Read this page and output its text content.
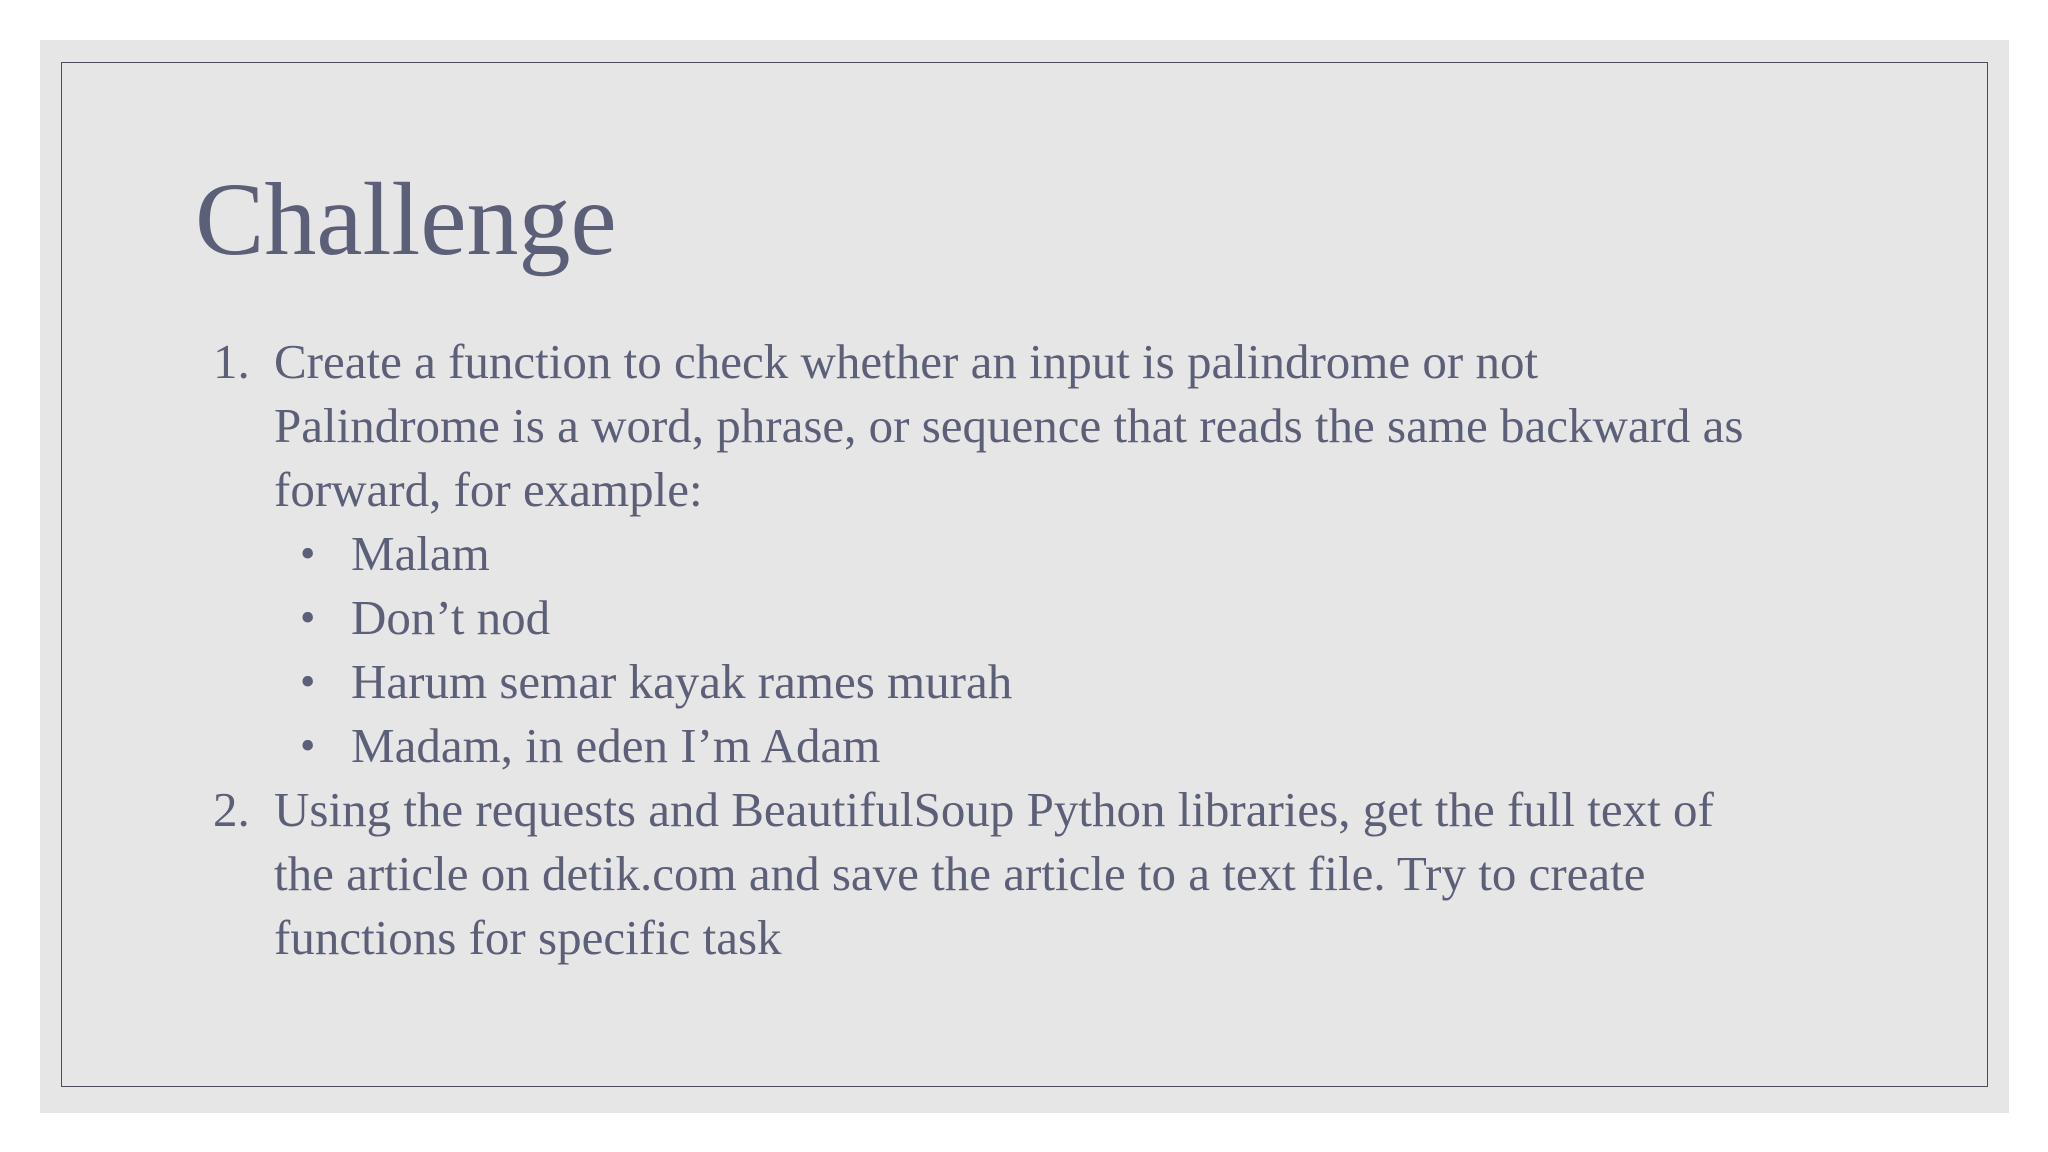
Challenge
1. Create a function to check whether an input is palindrome or not
Palindrome is a word, phrase, or sequence that reads the same backward as
forward, for example:
• Malam
• Don’t nod
• Harum semar kayak rames murah
• Madam, in eden I’m Adam
2. Using the requests and BeautifulSoup Python libraries, get the full text of
the article on detik.com and save the article to a text file. Try to create
functions for specific task
